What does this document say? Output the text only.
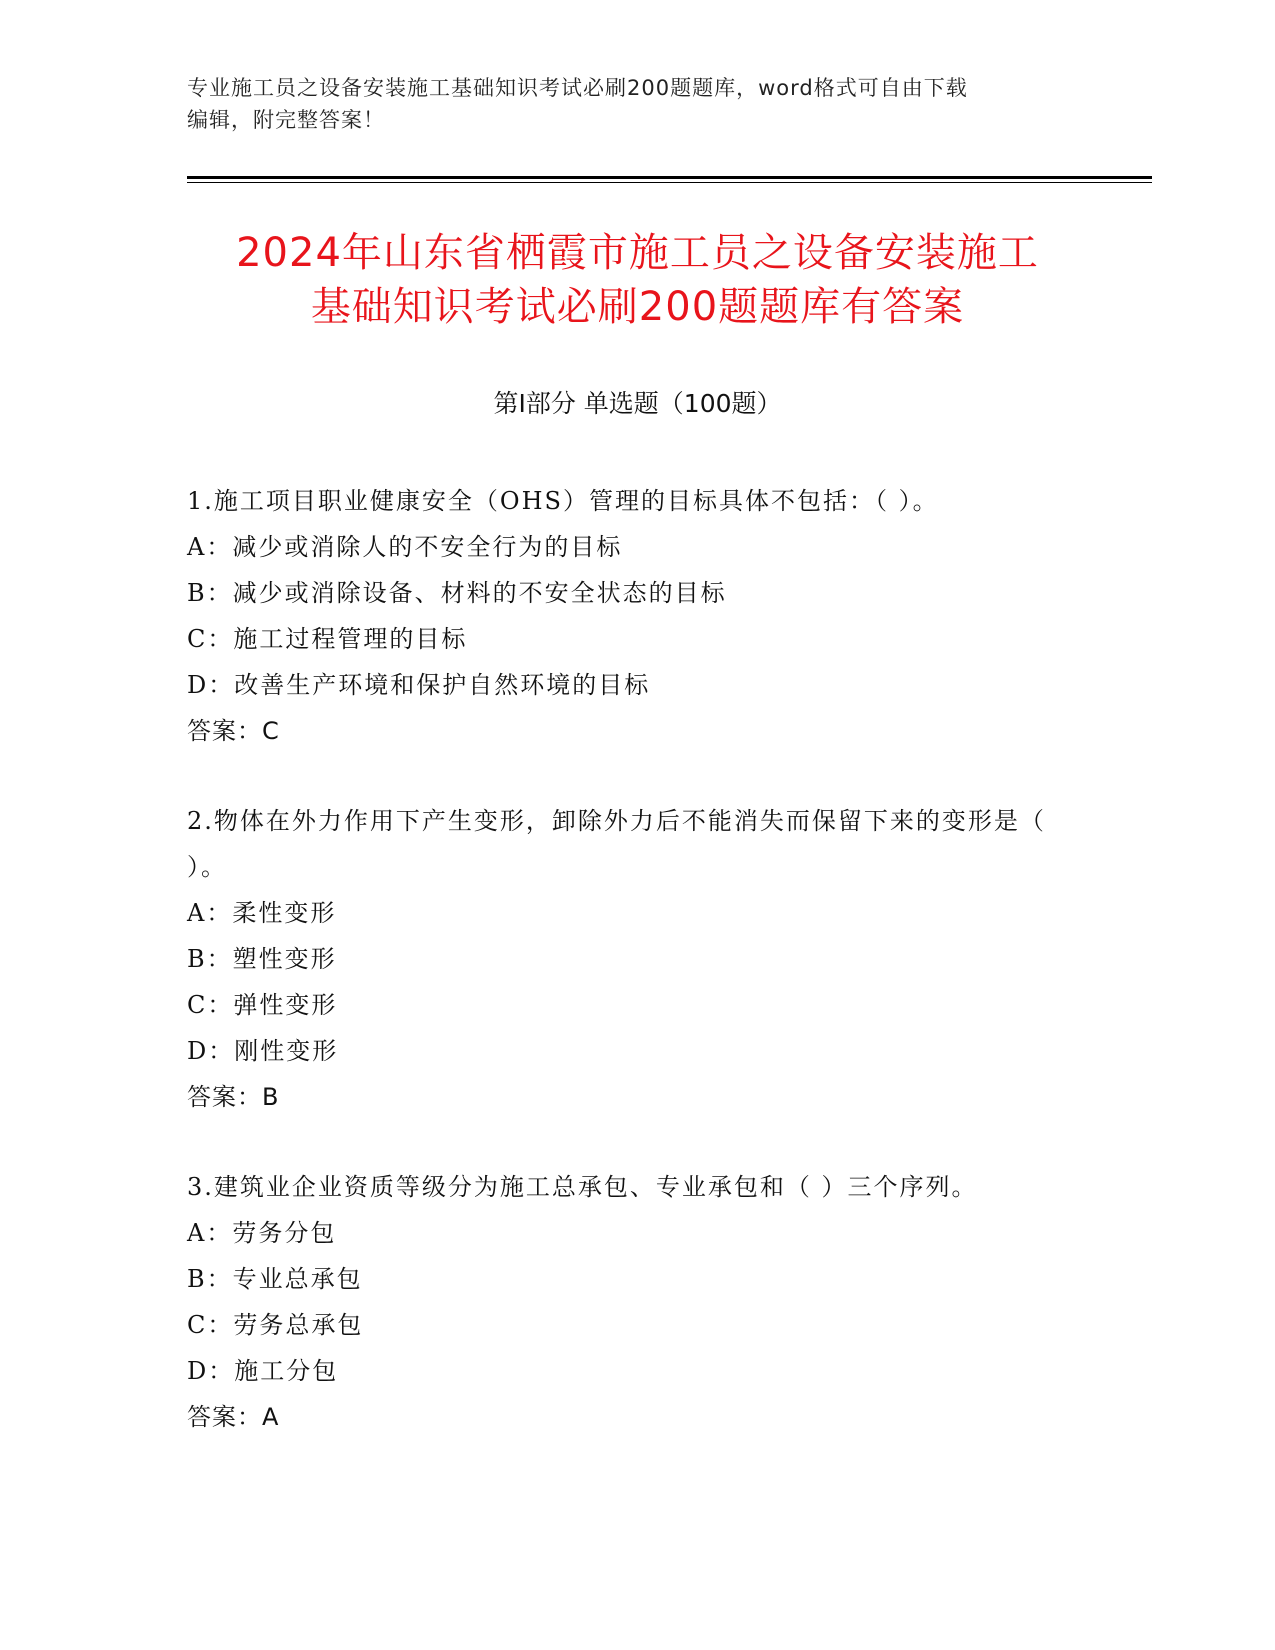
专业施工员之设备安装施工基础知识考试必刷200题题库，word格式可自由下载
编辑，附完整答案！
2024年山东省栖霞市施工员之设备安装施工
基础知识考试必刷200题题库有答案
第Ⅰ部分 单选题（100题）

1.施工项目职业健康安全（OHS）管理的目标具体不包括：（ ）。

A：减少或消除人的不安全行为的目标

B：减少或消除设备、材料的不安全状态的目标

C：施工过程管理的目标

D：改善生产环境和保护自然环境的目标

答案：C

2.物体在外力作用下产生变形，卸除外力后不能消失而保留下来的变形是（ ）。

A：柔性变形

B：塑性变形

C：弹性变形

D：刚性变形

答案：B

3.建筑业企业资质等级分为施工总承包、专业承包和（ ）三个序列。

A：劳务分包

B：专业总承包

C：劳务总承包

D：施工分包

答案：A
